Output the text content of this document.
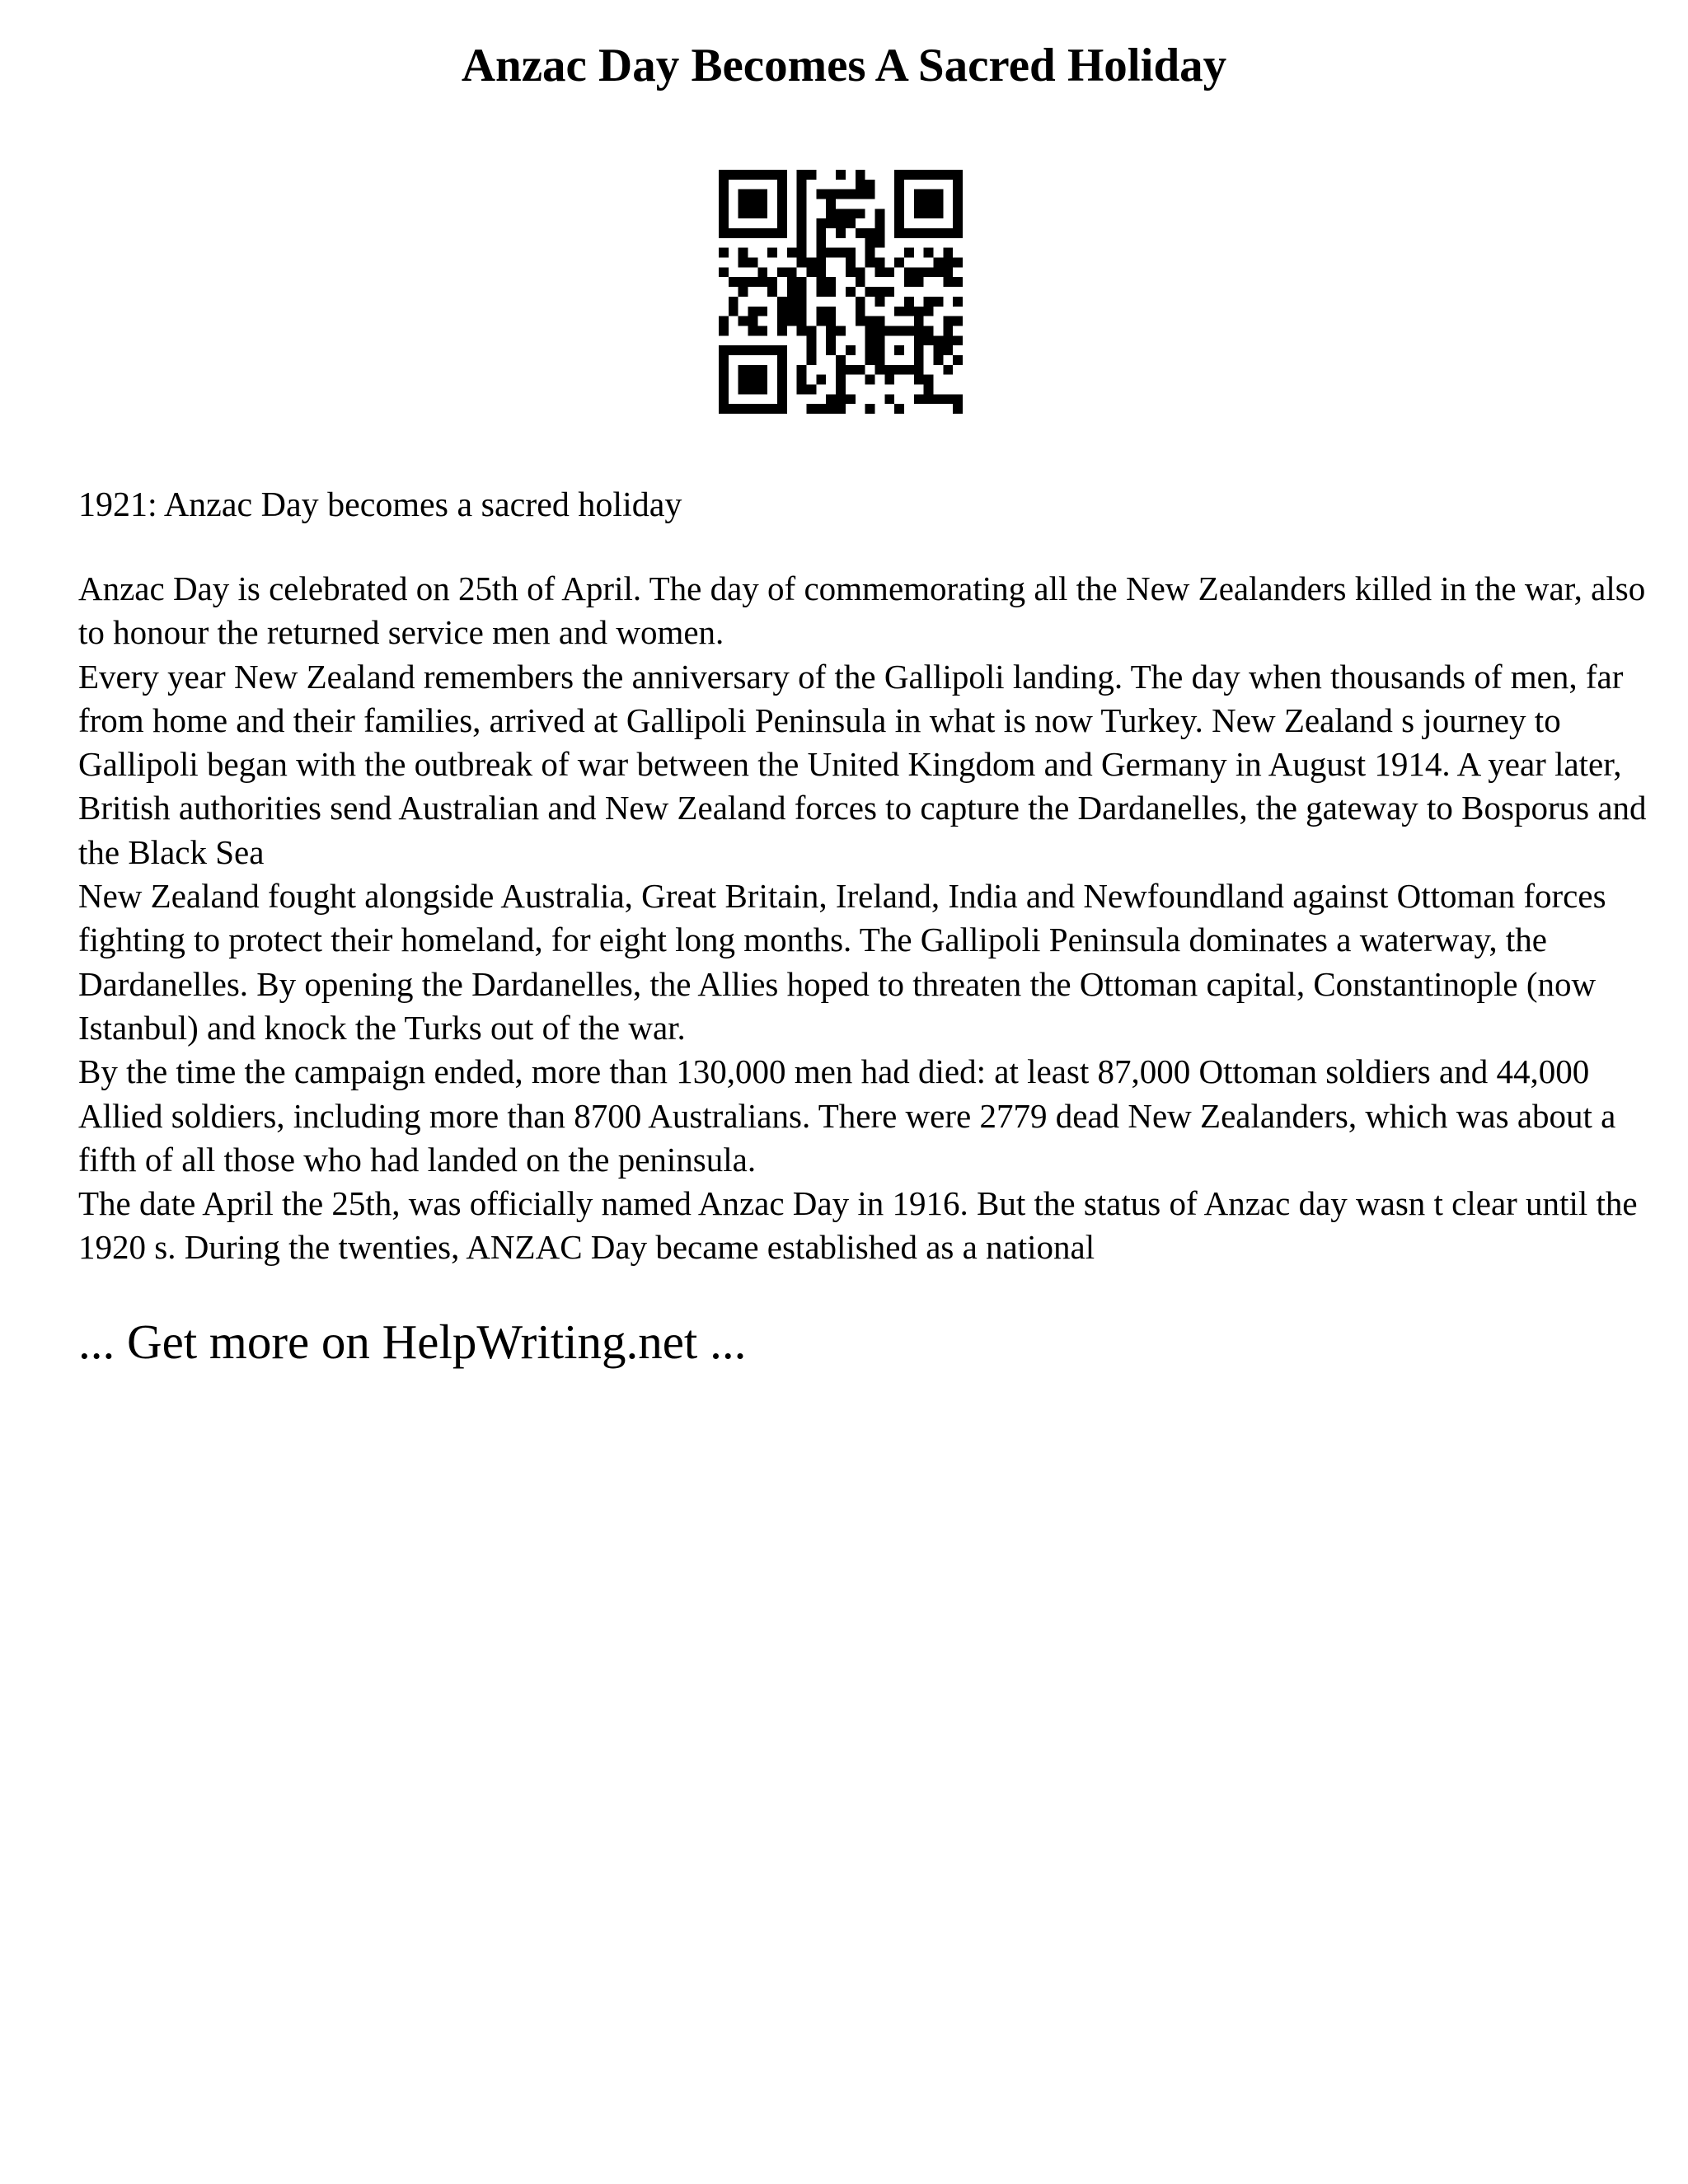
Anzac Day Becomes A Sacred Holiday

1921: Anzac Day becomes a sacred holiday

Anzac Day is celebrated on 25th of April. The day of commemorating all the New Zealanders killed in the war, also to honour the returned service men and women.

Every year New Zealand remembers the anniversary of the Gallipoli landing. The day when thousands of men, far from home and their families, arrived at Gallipoli Peninsula in what is now Turkey. New Zealand s journey to Gallipoli began with the outbreak of war between the United Kingdom and Germany in August 1914. A year later, British authorities send Australian and New Zealand forces to capture the Dardanelles, the gateway to Bosporus and the Black Sea

New Zealand fought alongside Australia, Great Britain, Ireland, India and Newfoundland against Ottoman forces fighting to protect their homeland, for eight long months. The Gallipoli Peninsula dominates a waterway, the Dardanelles. By opening the Dardanelles, the Allies hoped to threaten the Ottoman capital, Constantinople (now Istanbul) and knock the Turks out of the war.

By the time the campaign ended, more than 130,000 men had died: at least 87,000 Ottoman soldiers and 44,000 Allied soldiers, including more than 8700 Australians. There were 2779 dead New Zealanders, which was about a fifth of all those who had landed on the peninsula.

The date April the 25th, was officially named Anzac Day in 1916. But the status of Anzac day wasn t clear until the 1920 s. During the twenties, ANZAC Day became established as a national

... Get more on HelpWriting.net ...
